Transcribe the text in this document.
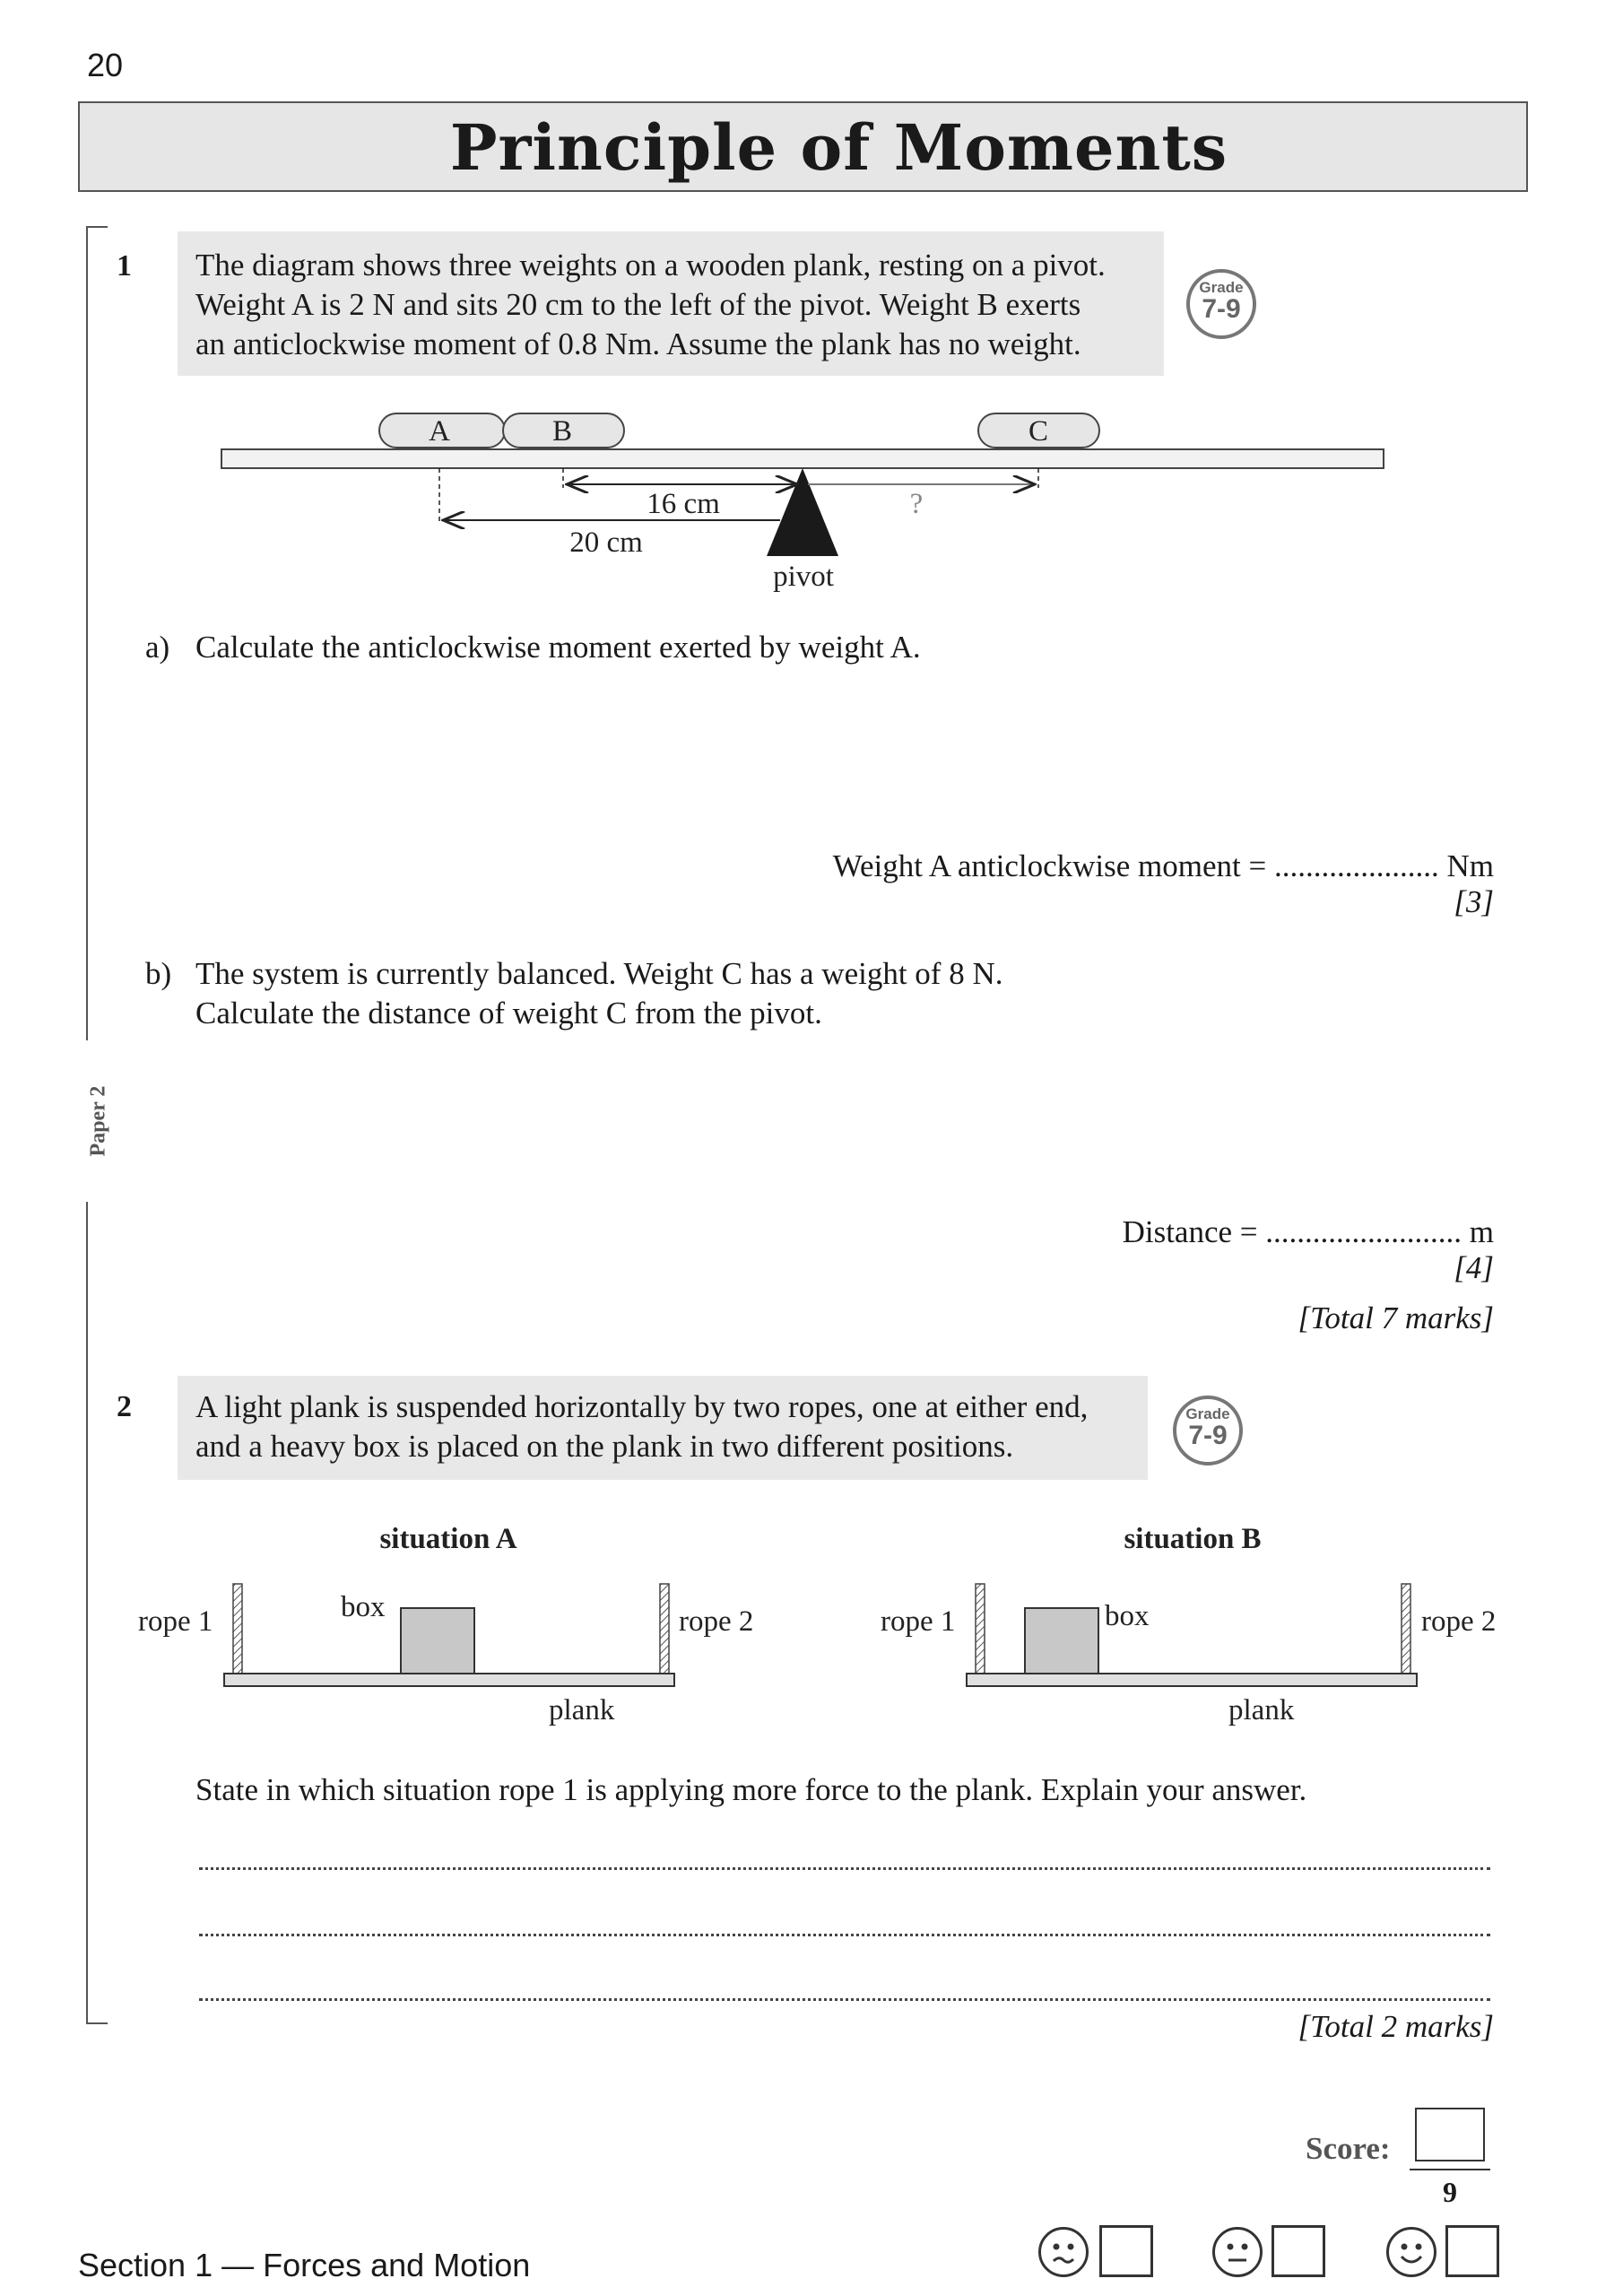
20
Principle of Moments
Paper 2
1 The diagram shows three weights on a wooden plank, resting on a pivot.
Weight A is 2 N and sits 20 cm to the left of the pivot. Weight B exerts
an anticlockwise moment of 0.8 Nm. Assume the plank has no weight.
Grade
7-9
A	B	C
16 cm	?
20 cm
pivot
a) Calculate the anticlockwise moment exerted by weight A.
Weight A anticlockwise moment = ..................... Nm
[3]
b) The system is currently balanced. Weight C has a weight of 8 N.
Calculate the distance of weight C from the pivot.
Distance = ......................... m
[4]
[Total 7 marks]
2 A light plank is suspended horizontally by two ropes, one at either end,
and a heavy box is placed on the plank in two different positions.
Grade
7-9
situation A
rope 1	rope 2
box
plank
situation B
rope 1	rope 2
box
plank
State in which situation rope 1 is applying more force to the plank. Explain your answer.
[Total 2 marks]
Score:
9
Section 1 — Forces and Motion
